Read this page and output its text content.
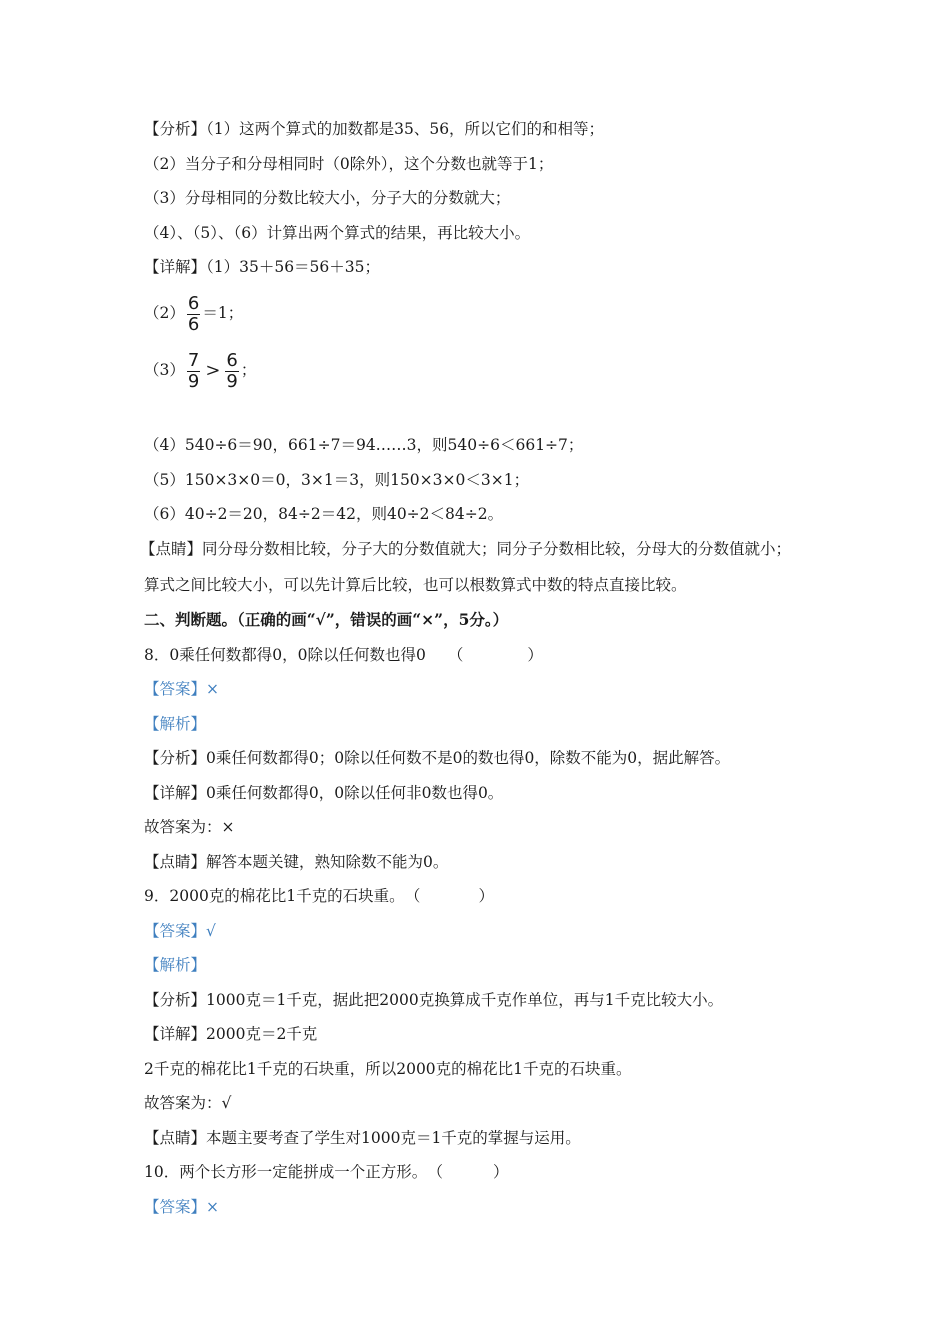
【分析】（1）这两个算式的加数都是35、56，所以它们的和相等；
（2）当分子和分母相同时（0除外），这个分数也就等于1；
（3）分母相同的分数比较大小，分子大的分数就大；
（4）、（5）、（6）计算出两个算式的结果，再比较大小。
【详解】（1）35＋56＝56＋35；
$(2) \frac{6}{6} =1$；
$(3) \frac{7}{9} > \frac{6}{9}$ ；
（4）540÷6＝90，661÷7＝94……3，则540÷6＜661÷7；
（5）150×3×0＝0，3×1＝3，则150×3×0＜3×1；
（6）40÷2＝20，84÷2＝42，则40÷2＜84÷2。
【点睛】同分母分数相比较，分子大的分数值就大；同分子分数相比较，分母大的分数值就小；
算式之间比较大小，可以先计算后比较，也可以根数算式中数的特点直接比较。
二、判断题。（正确的画“√”，错误的画“×”，5分。）
8．0乘任何数都得0，0除以任何数也得0 （	）
【答案】×
【解析】
【分析】0乘任何数都得0；0除以任何数不是0的数也得0，除数不能为0，据此解答。
【详解】0乘任何数都得0，0除以任何非0数也得0。
故答案为：×
【点睛】解答本题关键，熟知除数不能为0。
9．2000克的棉花比1千克的石块重。 （	）
【答案】√
【解析】
【分析】1000克＝1千克，据此把2000克换算成千克作单位，再与1千克比较大小。
【详解】2000克＝2千克
2千克的棉花比1千克的石块重，所以2000克的棉花比1千克的石块重。
故答案为：√
【点睛】本题主要考查了学生对1000克＝1千克的掌握与运用。
10．两个长方形一定能拼成一个正方形。 （	）
【答案】×
